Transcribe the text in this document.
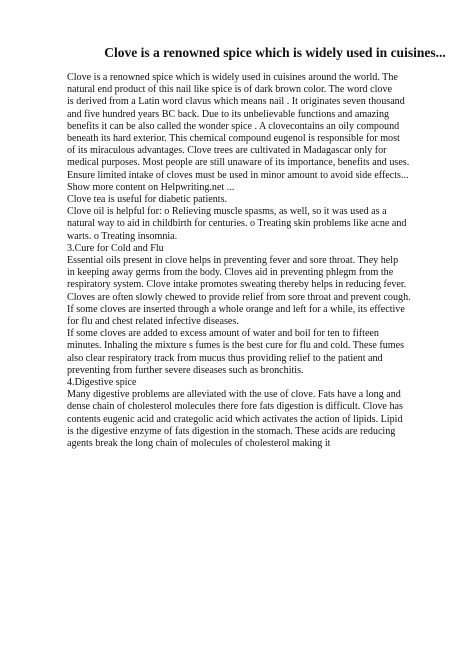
Clove is a renowned spice which is widely used in cuisines...
Clove is a renowned spice which is widely used in cuisines around the world. The
natural end product of this nail like spice is of dark brown color. The word clove
is derived from a Latin word clavus which means nail . It originates seven thousand
and five hundred years BC back. Due to its unbelievable functions and amazing
benefits it can be also called the wonder spice . A clovecontains an oily compound
beneath its hard exterior. This chemical compound eugenol is responsible for most
of its miraculous advantages. Clove trees are cultivated in Madagascar only for
medical purposes. Most people are still unaware of its importance, benefits and uses.
Ensure limited intake of cloves must be used in minor amount to avoid side effects...
Show more content on Helpwriting.net ...
Clove tea is useful for diabetic patients.
Clove oil is helpful for: o Relieving muscle spasms, as well, so it was used as a
natural way to aid in childbirth for centuries. o Treating skin problems like acne and
warts. o Treating insomnia.
3.Cure for Cold and Flu
Essential oils present in clove helps in preventing fever and sore throat. They help
in keeping away germs from the body. Cloves aid in preventing phlegm from the
respiratory system. Clove intake promotes sweating thereby helps in reducing fever.
Cloves are often slowly chewed to provide relief from sore throat and prevent cough.
If some cloves are inserted through a whole orange and left for a while, its effective
for flu and chest related infective diseases.
If some cloves are added to excess amount of water and boil for ten to fifteen
minutes. Inhaling the mixture s fumes is the best cure for flu and cold. These fumes
also clear respiratory track from mucus thus providing relief to the patient and
preventing from further severe diseases such as bronchitis.
4.Digestive spice
Many digestive problems are alleviated with the use of clove. Fats have a long and
dense chain of cholesterol molecules there fore fats digestion is difficult. Clove has
contents eugenic acid and crategolic acid which activates the action of lipids. Lipid
is the digestive enzyme of fats digestion in the stomach. These acids are reducing
agents break the long chain of molecules of cholesterol making it
